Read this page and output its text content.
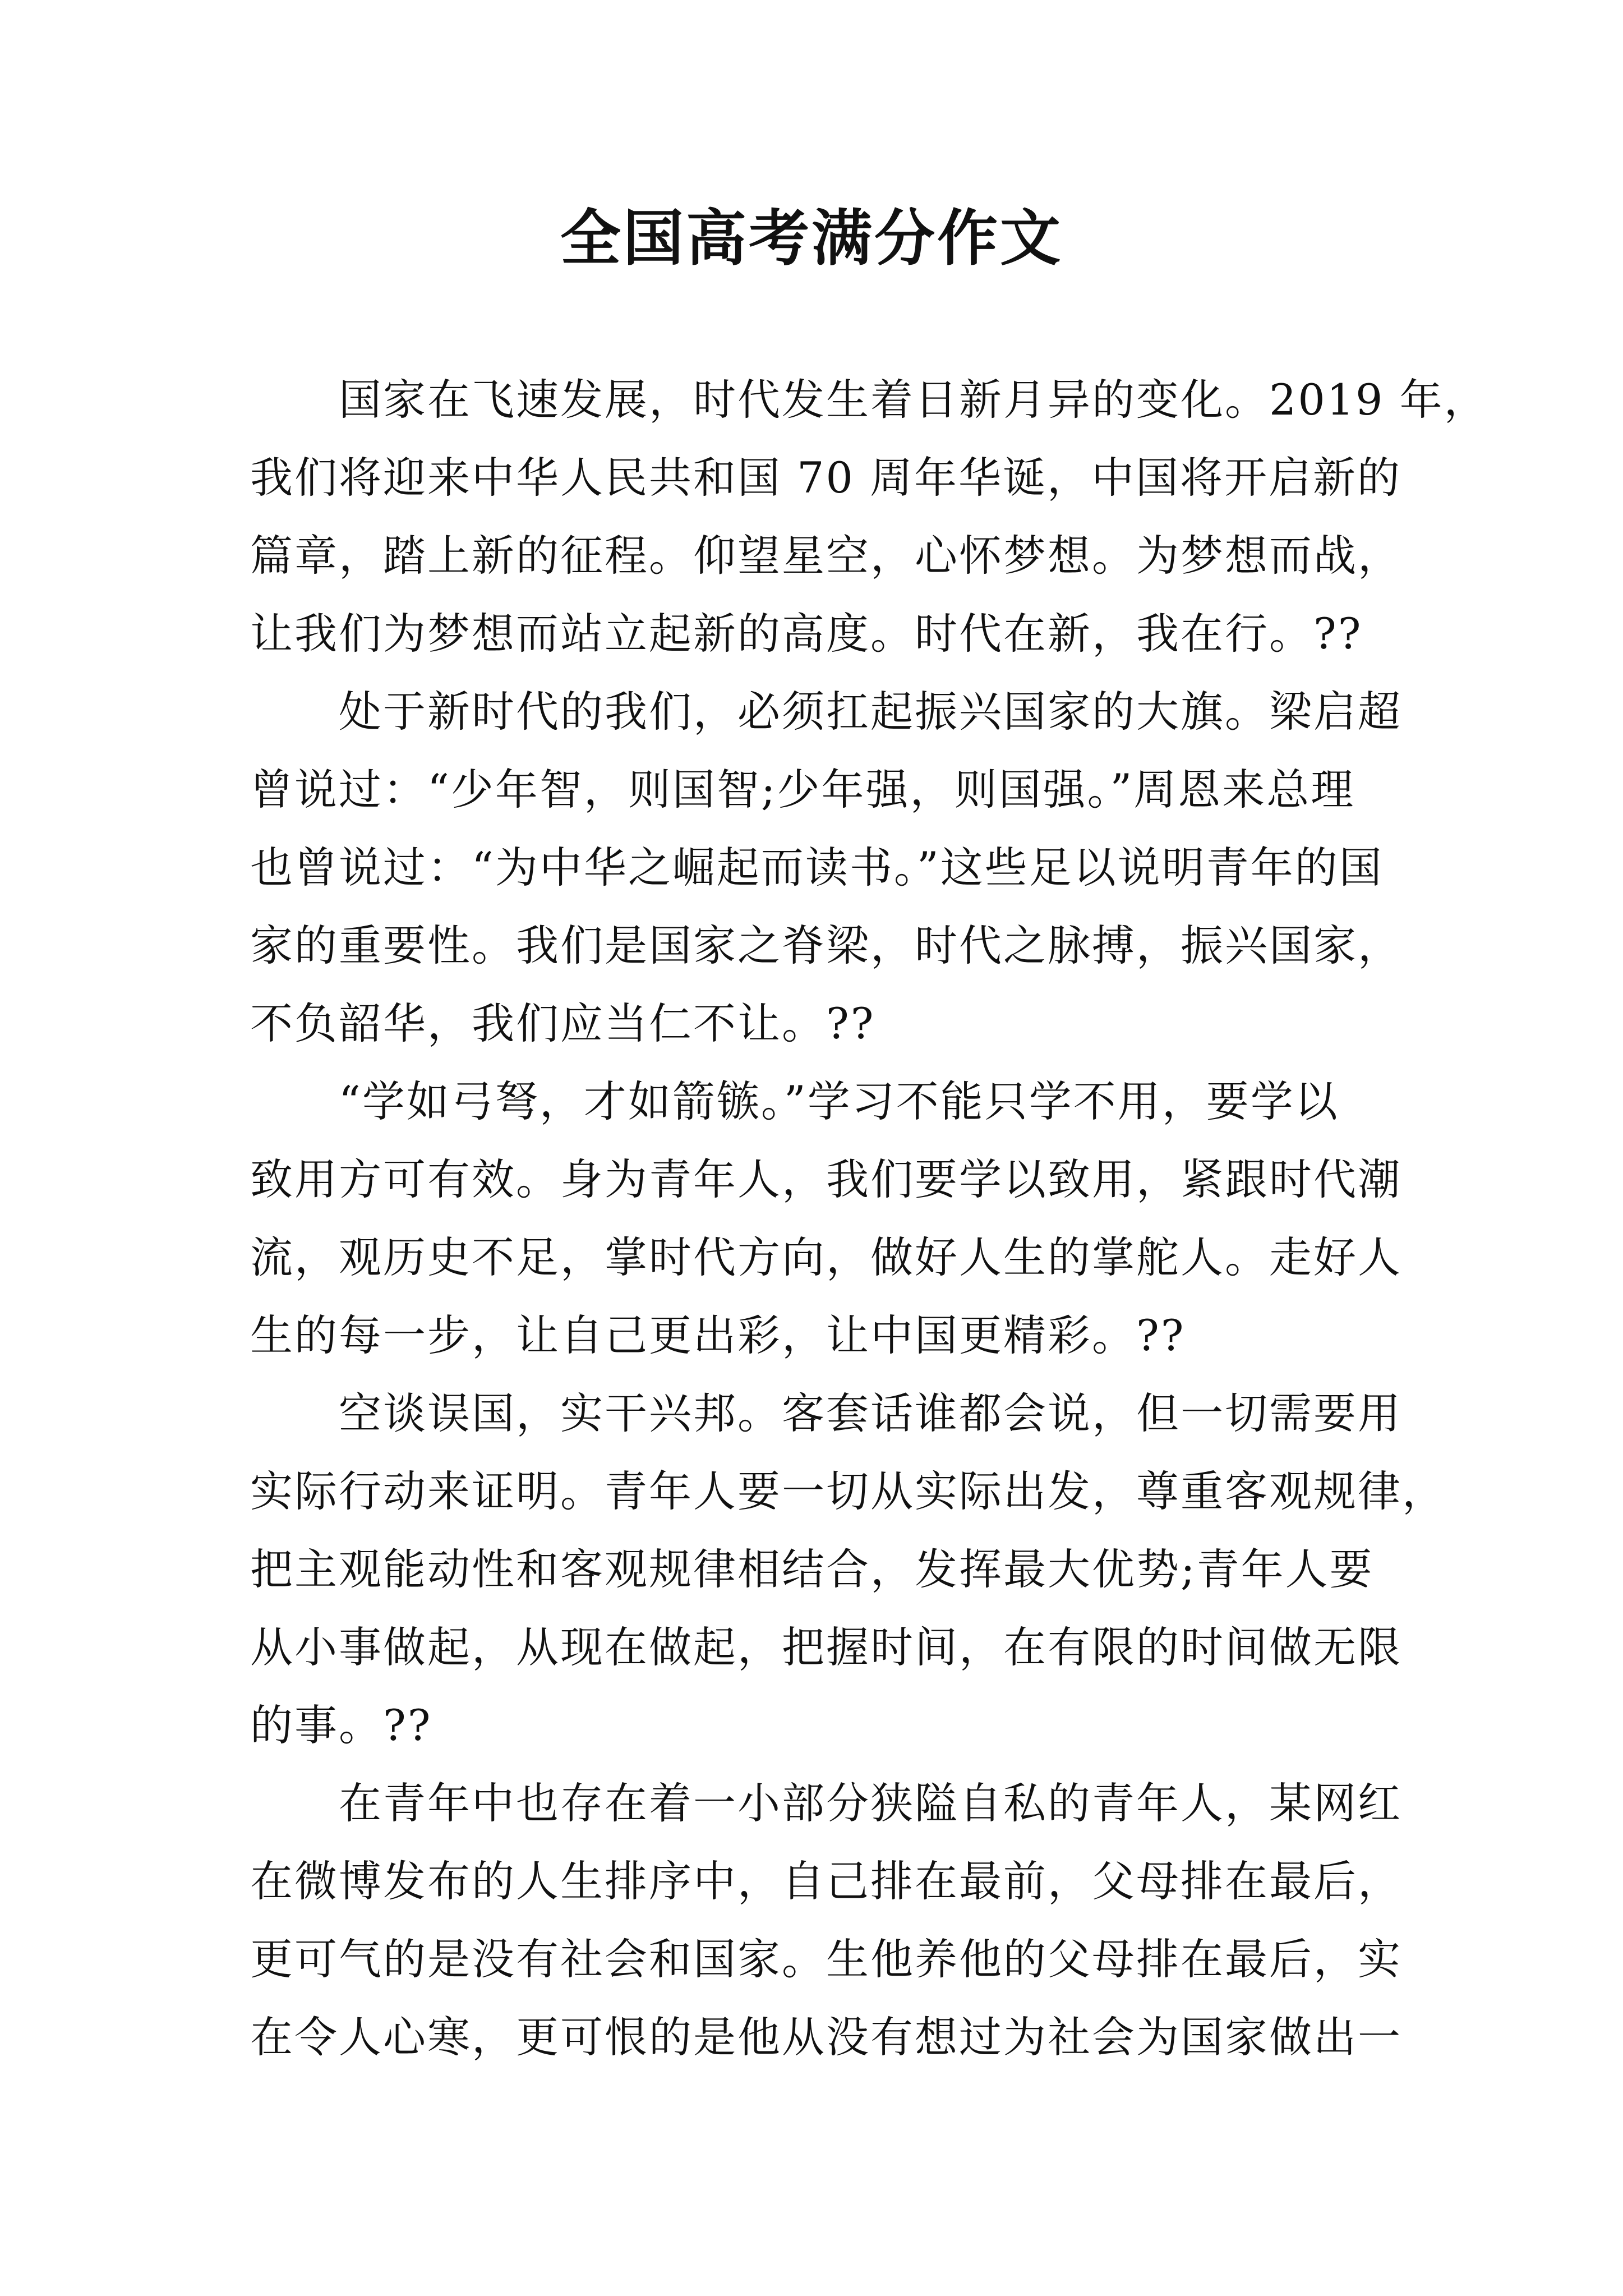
全国高考满分作文
　　国家在飞速发展，时代发生着日新月异的变化。2019 年，
我们将迎来中华人民共和国 70 周年华诞，中国将开启新的
篇章，踏上新的征程。仰望星空，心怀梦想。为梦想而战，
让我们为梦想而站立起新的高度。时代在新，我在行。??
　　处于新时代的我们，必须扛起振兴国家的大旗。梁启超
曾说过：“少年智，则国智;少年强，则国强。”周恩来总理
也曾说过：“为中华之崛起而读书。”这些足以说明青年的国
家的重要性。我们是国家之脊梁，时代之脉搏，振兴国家，
不负韶华，我们应当仁不让。??
　　“学如弓弩，才如箭镞。”学习不能只学不用，要学以
致用方可有效。身为青年人，我们要学以致用，紧跟时代潮
流，观历史不足，掌时代方向，做好人生的掌舵人。走好人
生的每一步，让自己更出彩，让中国更精彩。??
　　空谈误国，实干兴邦。客套话谁都会说，但一切需要用
实际行动来证明。青年人要一切从实际出发，尊重客观规律，
把主观能动性和客观规律相结合，发挥最大优势;青年人要
从小事做起，从现在做起，把握时间，在有限的时间做无限
的事。??
　　在青年中也存在着一小部分狭隘自私的青年人，某网红
在微博发布的人生排序中，自己排在最前，父母排在最后，
更可气的是没有社会和国家。生他养他的父母排在最后，实
在令人心寒，更可恨的是他从没有想过为社会为国家做出一
